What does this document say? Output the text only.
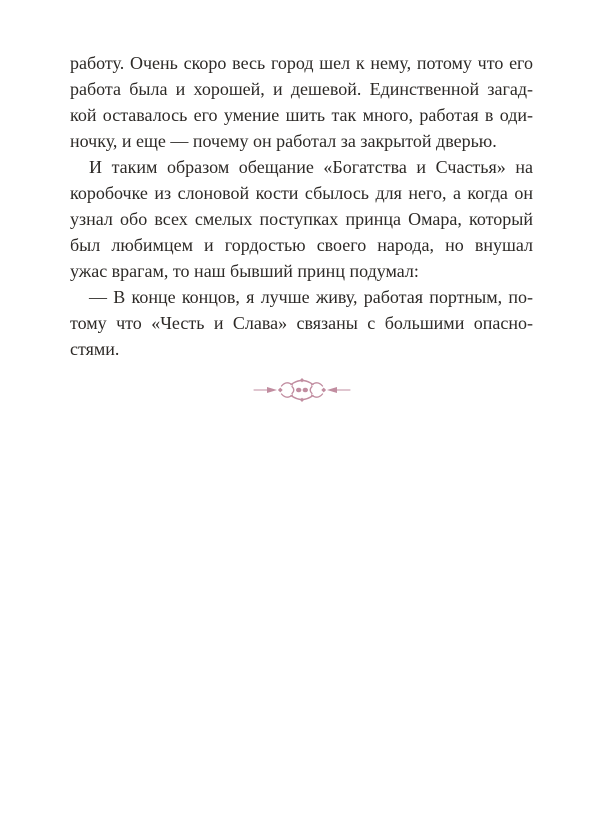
работу. Очень скоро весь город шел к нему, потому что его
работа была и хорошей, и дешевой. Единственной загад-
кой оставалось его умение шить так много, работая в оди-
ночку, и еще — почему он работал за закрытой дверью.
И таким образом обещание «Богатства и Счастья» на
коробочке из слоновой кости сбылось для него, а когда он
узнал обо всех смелых поступках принца Омара, который
был любимцем и гордостью своего народа, но внушал
ужас врагам, то наш бывший принц подумал:
— В конце концов, я лучше живу, работая портным, по-
тому что «Честь и Слава» связаны с большими опасно-
стями.
